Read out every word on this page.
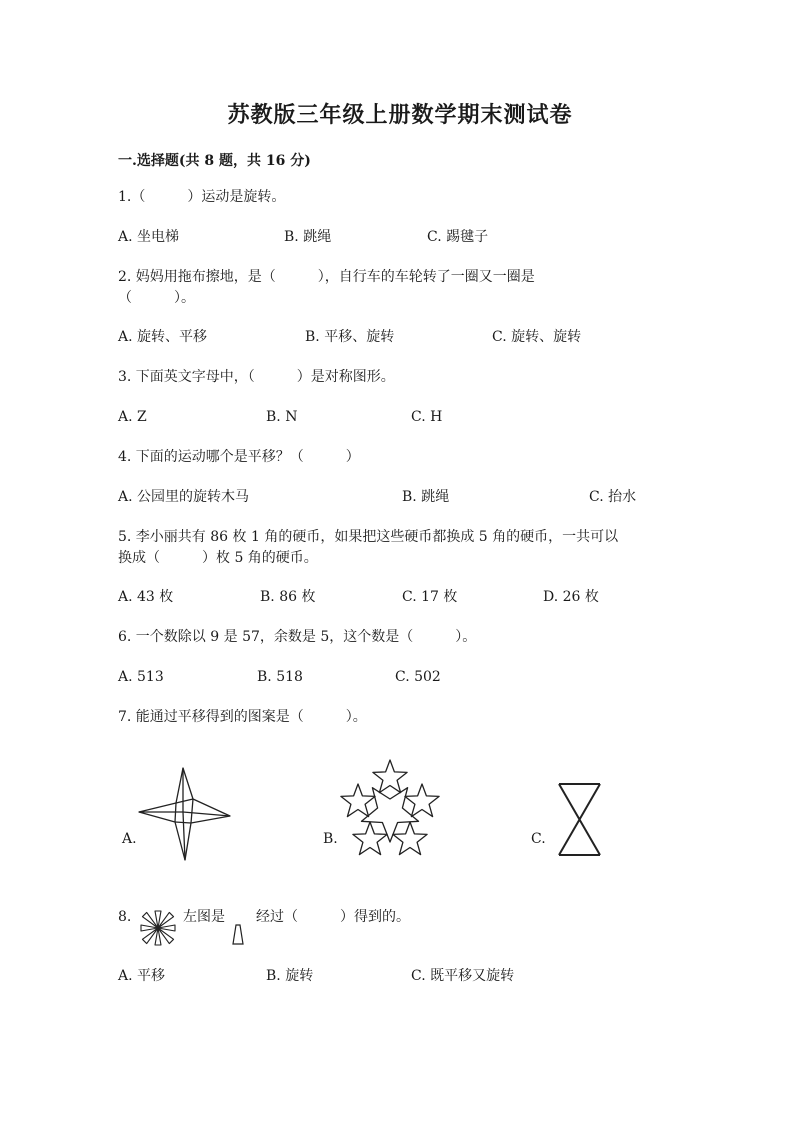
苏教版三年级上册数学期末测试卷
一.选择题(共 8 题，共 16 分)
1.（　　　）运动是旋转。
A. 坐电梯	B. 跳绳	C. 踢毽子
2. 妈妈用拖布擦地，是（　　　），自行车的车轮转了一圈又一圈是
（　　　）。
A. 旋转、平移	B. 平移、旋转	C. 旋转、旋转
3. 下面英文字母中，（　　　）是对称图形。
A. Z	B. N	C. H
4. 下面的运动哪个是平移？（　　　）
A. 公园里的旋转木马	B. 跳绳	C. 抬水
5. 李小丽共有 86 枚 1 角的硬币，如果把这些硬币都换成 5 角的硬币，一共可以
换成（　　　）枚 5 角的硬币。
A. 43 枚	B. 86 枚	C. 17 枚	D. 26 枚
6. 一个数除以 9 是 57，余数是 5，这个数是（　　　）。
A. 513	B. 518	C. 502
7. 能通过平移得到的图案是（　　　）。
A.	B.	C.
8.	左图是 经过（　　　）得到的。
A. 平移	B. 旋转	C. 既平移又旋转
